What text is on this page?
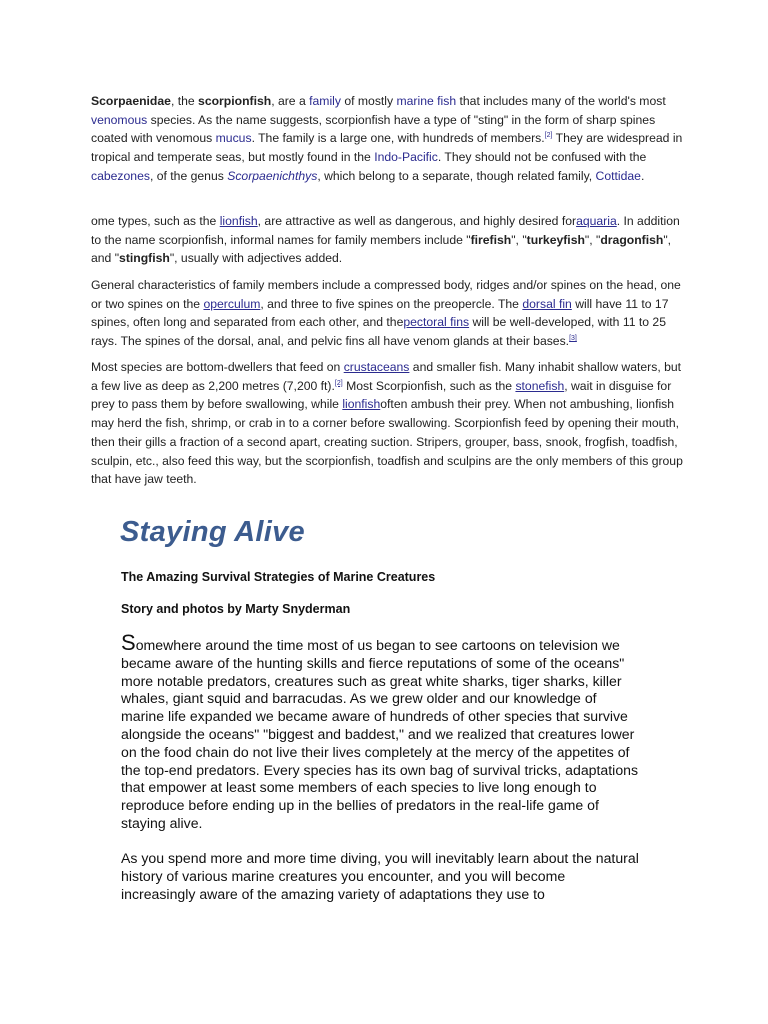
Scorpaenidae, the scorpionfish, are a family of mostly marine fish that includes many of the world's most venomous species. As the name suggests, scorpionfish have a type of "sting" in the form of sharp spines coated with venomous mucus. The family is a large one, with hundreds of members.[2] They are widespread in tropical and temperate seas, but mostly found in the Indo-Pacific. They should not be confused with the cabezones, of the genus Scorpaenichthys, which belong to a separate, though related family, Cottidae.

ome types, such as the lionfish, are attractive as well as dangerous, and highly desired foraquaria. In addition to the name scorpionfish, informal names for family members include "firefish", "turkeyfish", "dragonfish", and "stingfish", usually with adjectives added.

General characteristics of family members include a compressed body, ridges and/or spines on the head, one or two spines on the operculum, and three to five spines on the preopercle. The dorsal fin will have 11 to 17 spines, often long and separated from each other, and thepectoral fins will be well-developed, with 11 to 25 rays. The spines of the dorsal, anal, and pelvic fins all have venom glands at their bases.[3]

Most species are bottom-dwellers that feed on crustaceans and smaller fish. Many inhabit shallow waters, but a few live as deep as 2,200 metres (7,200 ft).[2] Most Scorpionfish, such as the stonefish, wait in disguise for prey to pass them by before swallowing, while lionfishoften ambush their prey. When not ambushing, lionfish may herd the fish, shrimp, or crab in to a corner before swallowing. Scorpionfish feed by opening their mouth, then their gills a fraction of a second apart, creating suction. Stripers, grouper, bass, snook, frogfish, toadfish, sculpin, etc., also feed this way, but the scorpionfish, toadfish and sculpins are the only members of this group that have jaw teeth.

Staying Alive

The Amazing Survival Strategies of Marine Creatures

Story and photos by Marty Snyderman

Somewhere around the time most of us began to see cartoons on television we became aware of the hunting skills and fierce reputations of some of the oceans" more notable predators, creatures such as great white sharks, tiger sharks, killer whales, giant squid and barracudas. As we grew older and our knowledge of marine life expanded we became aware of hundreds of other species that survive alongside the oceans" "biggest and baddest," and we realized that creatures lower on the food chain do not live their lives completely at the mercy of the appetites of the top-end predators. Every species has its own bag of survival tricks, adaptations that empower at least some members of each species to live long enough to reproduce before ending up in the bellies of predators in the real-life game of staying alive.

As you spend more and more time diving, you will inevitably learn about the natural history of various marine creatures you encounter, and you will become increasingly aware of the amazing variety of adaptations they use to
